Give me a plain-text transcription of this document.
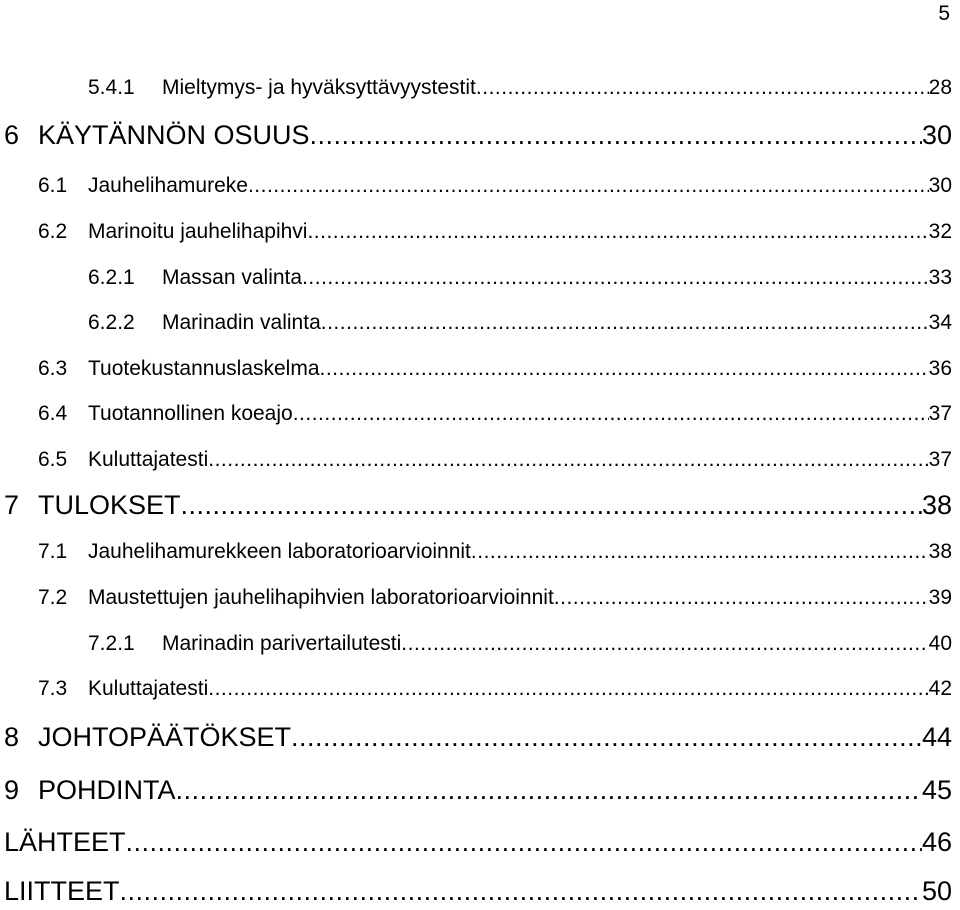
5
5.4.1	Mieltymys- ja hyväksyttävyystestit .....	28
6 KÄYTÄNNÖN OSUUS .....	30
6.1 Jauhelihamureke .....	30
6.2 Marinoitu jauhelihapihvi .....	32
6.2.1	Massan valinta .....	33
6.2.2	Marinadin valinta .....	34
6.3 Tuotekustannuslaskelma .....	36
6.4 Tuotannollinen koeajo .....	37
6.5 Kuluttajatesti .....	37
7 TULOKSET .....	38
7.1 Jauhelihamurekkeen laboratorioarvioinnit .....	38
7.2 Maustettujen jauhelihapihvien laboratorioarvioinnit .....	39
7.2.1	Marinadin parivertailutesti .....	40
7.3 Kuluttajatesti .....	42
8 JOHTOPÄÄTÖKSET .....	44
9 POHDINTA .....	45
LÄHTEET .....	46
LIITTEET .....	50
